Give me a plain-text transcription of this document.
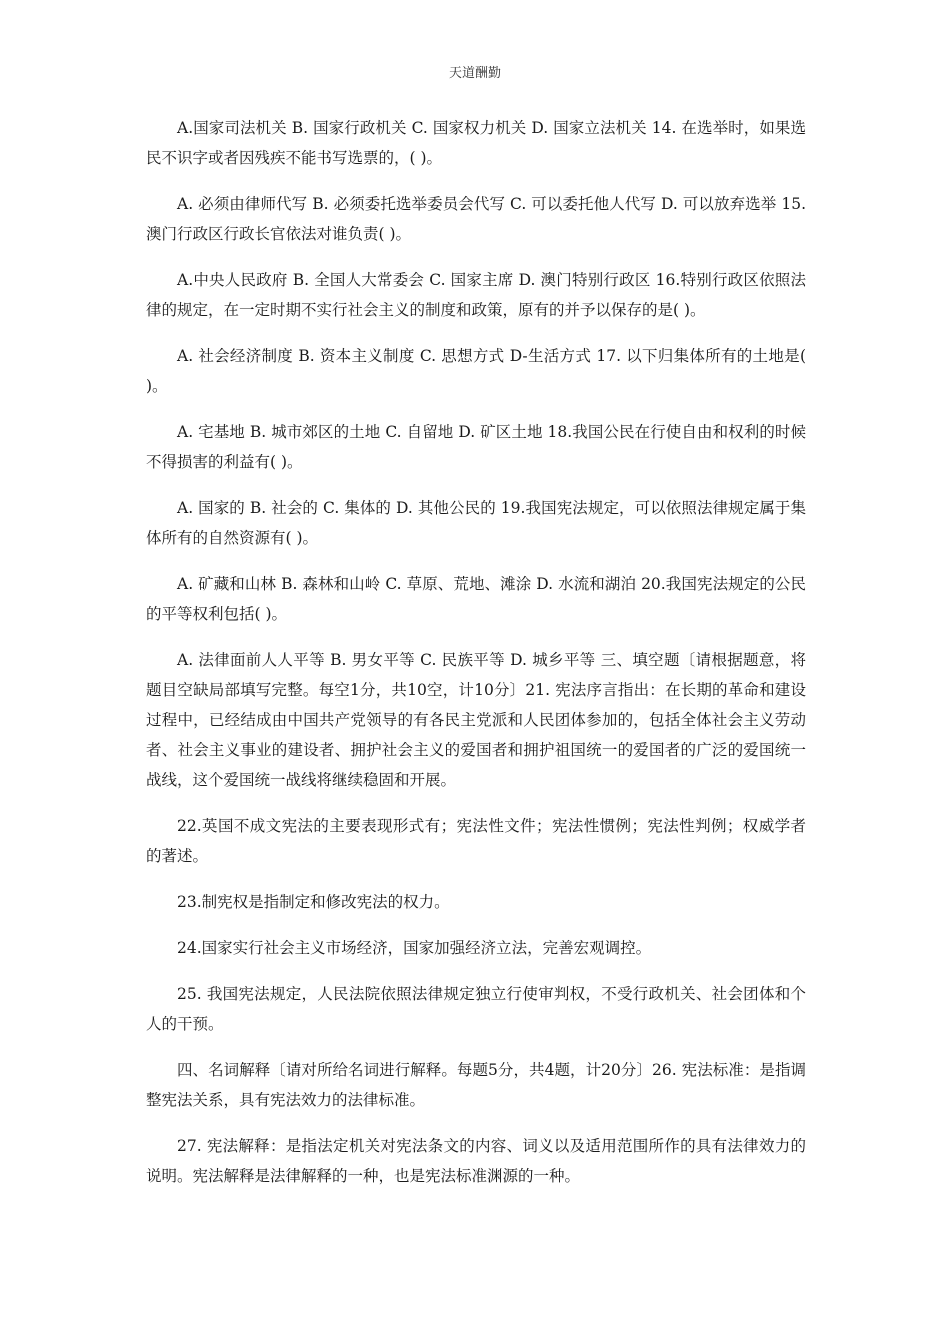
天道酬勤

A.国家司法机关 B. 国家行政机关 C. 国家权力机关 D. 国家立法机关 14. 在选举时，如果选民不识字或者因残疾不能书写选票的，( )。

A. 必须由律师代写 B. 必须委托选举委员会代写 C. 可以委托他人代写 D. 可以放弃选举 15. 澳门行政区行政长官依法对谁负责( )。

A.中央人民政府 B. 全国人大常委会 C. 国家主席 D. 澳门特别行政区 16.特别行政区依照法律的规定，在一定时期不实行社会主义的制度和政策，原有的并予以保存的是( )。

A. 社会经济制度 B. 资本主义制度 C. 思想方式 D-生活方式 17. 以下归集体所有的土地是( )。

A. 宅基地 B. 城市郊区的土地 C. 自留地 D. 矿区土地 18.我国公民在行使自由和权利的时候不得损害的利益有( )。

A. 国家的 B. 社会的 C. 集体的 D. 其他公民的 19.我国宪法规定，可以依照法律规定属于集体所有的自然资源有( )。

A. 矿藏和山林 B. 森林和山岭 C. 草原、荒地、滩涂 D. 水流和湖泊 20.我国宪法规定的公民的平等权利包括( )。

A. 法律面前人人平等 B. 男女平等 C. 民族平等 D. 城乡平等 三、填空题〔请根据题意，将题目空缺局部填写完整。每空1分，共10空，计10分〕21. 宪法序言指出：在长期的革命和建设过程中，已经结成由中国共产党领导的有各民主党派和人民团体参加的，包括全体社会主义劳动者、社会主义事业的建设者、拥护社会主义的爱国者和拥护祖国统一的爱国者的广泛的爱国统一战线，这个爱国统一战线将继续稳固和开展。

22.英国不成文宪法的主要表现形式有；宪法性文件；宪法性惯例；宪法性判例；权威学者的著述。

23.制宪权是指制定和修改宪法的权力。

24.国家实行社会主义市场经济，国家加强经济立法，完善宏观调控。

25. 我国宪法规定，人民法院依照法律规定独立行使审判权，不受行政机关、社会团体和个人的干预。

四、名词解释〔请对所给名词进行解释。每题5分，共4题，计20分〕26. 宪法标准：是指调整宪法关系，具有宪法效力的法律标准。

27. 宪法解释：是指法定机关对宪法条文的内容、词义以及适用范围所作的具有法律效力的说明。宪法解释是法律解释的一种，也是宪法标准渊源的一种。
